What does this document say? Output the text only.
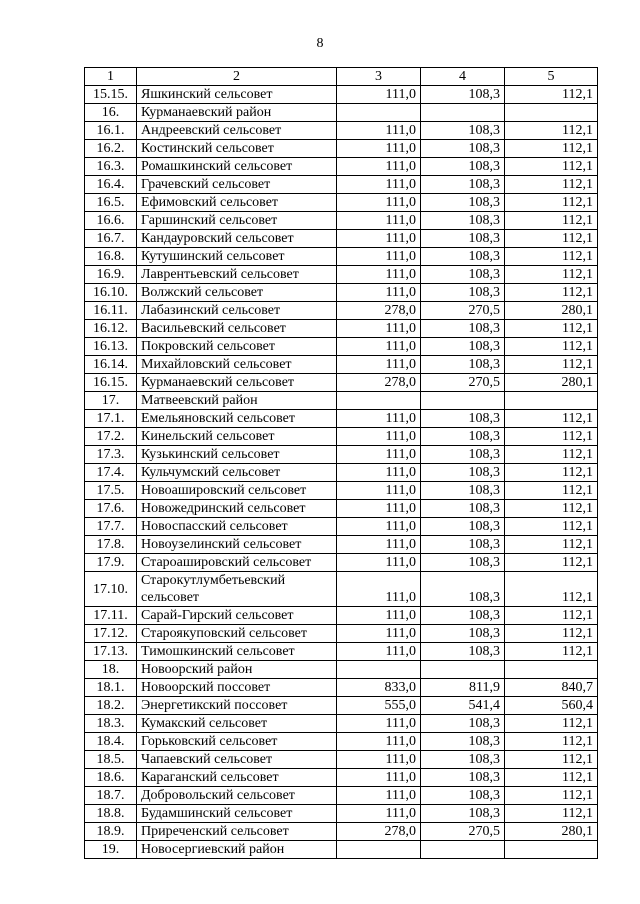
8
1	2	3	4	5
15.15.	Яшкинский сельсовет	111,0	108,3	112,1
16.	Курманаевский район			
16.1.	Андреевский сельсовет	111,0	108,3	112,1
16.2.	Костинский сельсовет	111,0	108,3	112,1
16.3.	Ромашкинский сельсовет	111,0	108,3	112,1
16.4.	Грачевский сельсовет	111,0	108,3	112,1
16.5.	Ефимовский сельсовет	111,0	108,3	112,1
16.6.	Гаршинский сельсовет	111,0	108,3	112,1
16.7.	Кандауровский сельсовет	111,0	108,3	112,1
16.8.	Кутушинский сельсовет	111,0	108,3	112,1
16.9.	Лаврентьевский сельсовет	111,0	108,3	112,1
16.10.	Волжский сельсовет	111,0	108,3	112,1
16.11.	Лабазинский сельсовет	278,0	270,5	280,1
16.12.	Васильевский сельсовет	111,0	108,3	112,1
16.13.	Покровский сельсовет	111,0	108,3	112,1
16.14.	Михайловский сельсовет	111,0	108,3	112,1
16.15.	Курманаевский сельсовет	278,0	270,5	280,1
17.	Матвеевский район			
17.1.	Емельяновский сельсовет	111,0	108,3	112,1
17.2.	Кинельский сельсовет	111,0	108,3	112,1
17.3.	Кузькинский сельсовет	111,0	108,3	112,1
17.4.	Кульчумский сельсовет	111,0	108,3	112,1
17.5.	Новоаширoвский сельсовет	111,0	108,3	112,1
17.6.	Новожедринский сельсовет	111,0	108,3	112,1
17.7.	Новоспасский сельсовет	111,0	108,3	112,1
17.8.	Новоузелинский сельсовет	111,0	108,3	112,1
17.9.	Староаширoвский сельсовет	111,0	108,3	112,1
17.10.	Старокутлумбетьевский сельсовет	111,0	108,3	112,1
17.11.	Сарай-Гирский сельсовет	111,0	108,3	112,1
17.12.	Староякуповский сельсовет	111,0	108,3	112,1
17.13.	Тимошкинский сельсовет	111,0	108,3	112,1
18.	Новоорский район			
18.1.	Новоорский поссовет	833,0	811,9	840,7
18.2.	Энергетикский поссовет	555,0	541,4	560,4
18.3.	Кумакский сельсовет	111,0	108,3	112,1
18.4.	Горьковский сельсовет	111,0	108,3	112,1
18.5.	Чапаевский сельсовет	111,0	108,3	112,1
18.6.	Караганский сельсовет	111,0	108,3	112,1
18.7.	Добровольский сельсовет	111,0	108,3	112,1
18.8.	Будамшинский сельсовет	111,0	108,3	112,1
18.9.	Приреченский сельсовет	278,0	270,5	280,1
19.	Новосергиевский район			
